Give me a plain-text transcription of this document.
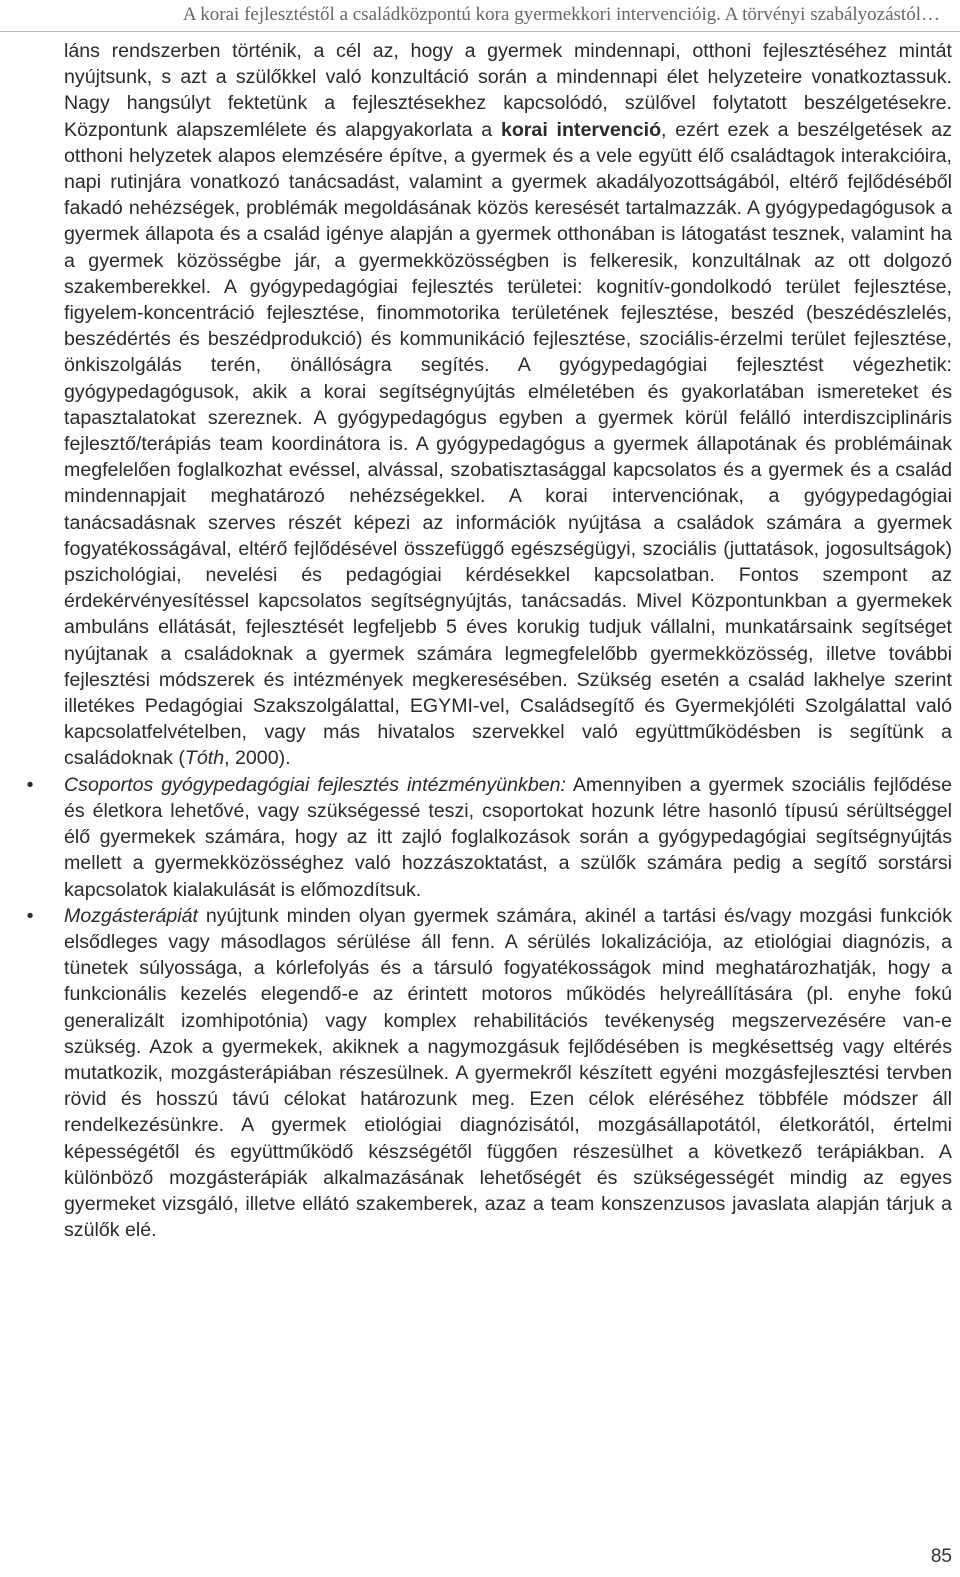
A korai fejlesztéstől a családközpontú kora gyermekkori intervencióig. A törvényi szabályozástól…

láns rendszerben történik, a cél az, hogy a gyermek mindennapi, otthoni fejlesztéséhez mintát nyújtsunk, s azt a szülőkkel való konzultáció során a mindennapi élet helyzeteire vonatkoztassuk. Nagy hangsúlyt fektetünk a fejlesztésekhez kapcsolódó, szülővel folytatott beszélgetésekre. Központunk alapszemlélete és alapgyakorlata a korai intervenció, ezért ezek a beszélgetések az otthoni helyzetek alapos elemzésére építve, a gyermek és a vele együtt élő családtagok interakcióira, napi rutinjára vonatkozó tanácsadást, valamint a gyermek akadályozottságából, eltérő fejlődéséből fakadó nehézségek, problémák megoldásának közös keresését tartalmazzák. A gyógypedagógusok a gyermek állapota és a család igénye alapján a gyermek otthonában is látogatást tesznek, valamint ha a gyermek közösségbe jár, a gyermekközösségben is felkeresik, konzultálnak az ott dolgozó szakemberekkel. A gyógypedagógiai fejlesztés területei: kognitív-gondolkodó terület fejlesztése, figyelem-koncentráció fejlesztése, finommotorika területének fejlesztése, beszéd (beszédészlelés, beszédértés és beszédprodukció) és kommunikáció fejlesztése, szociális-érzelmi terület fejlesztése, önkiszolgálás terén, önállóságra segítés. A gyógypedagógiai fejlesztést végezhetik: gyógypedagógusok, akik a korai segítségnyújtás elméletében és gyakorlatában ismereteket és tapasztalatokat szereznek. A gyógypedagógus egyben a gyermek körül felálló interdiszciplináris fejlesztő/terápiás team koordinátora is. A gyógypedagógus a gyermek állapotának és problémáinak megfelelően foglalkozhat evéssel, alvással, szobatisztasággal kapcsolatos és a gyermek és a család mindennapjait meghatározó nehézségekkel. A korai intervenciónak, a gyógypedagógiai tanácsadásnak szerves részét képezi az információk nyújtása a családok számára a gyermek fogyatékosságával, eltérő fejlődésével összefüggő egészségügyi, szociális (juttatások, jogosultságok) pszichológiai, nevelési és pedagógiai kérdésekkel kapcsolatban. Fontos szempont az érdekérvényesítéssel kapcsolatos segítségnyújtás, tanácsadás. Mivel Központunkban a gyermekek ambuláns ellátását, fejlesztését legfeljebb 5 éves korukig tudjuk vállalni, munkatársaink segítséget nyújtanak a családoknak a gyermek számára legmegfelelőbb gyermekközösség, illetve további fejlesztési módszerek és intézmények megkeresésében. Szükség esetén a család lakhelye szerint illetékes Pedagógiai Szakszolgálattal, EGYMI-vel, Családsegítő és Gyermekjóléti Szolgálattal való kapcsolatfelvételben, vagy más hivatalos szervekkel való együttműködésben is segítünk a családoknak (Tóth, 2000).

•	Csoportos gyógypedagógiai fejlesztés intézményünkben: Amennyiben a gyermek szociális fejlődése és életkora lehetővé, vagy szükségessé teszi, csoportokat hozunk létre hasonló típusú sérültséggel élő gyermekek számára, hogy az itt zajló foglalkozások során a gyógypedagógiai segítségnyújtás mellett a gyermekközösséghez való hozzászoktatást, a szülők számára pedig a segítő sorstársi kapcsolatok kialakulását is előmozdítsuk.

•	Mozgásterápiát nyújtunk minden olyan gyermek számára, akinél a tartási és/vagy mozgási funkciók elsődleges vagy másodlagos sérülése áll fenn. A sérülés lokalizációja, az etiológiai diagnózis, a tünetek súlyossága, a kórlefolyás és a társuló fogyatékosságok mind meghatározhatják, hogy a funkcionális kezelés elegendő-e az érintett motoros működés helyreállítására (pl. enyhe fokú generalizált izomhipotónia) vagy komplex rehabilitációs tevékenység megszervezésére van-e szükség. Azok a gyermekek, akiknek a nagymozgásuk fejlődésében is megkésettség vagy eltérés mutatkozik, mozgásterápiában részesülnek. A gyermekről készített egyéni mozgásfejlesztési tervben rövid és hosszú távú célokat határozunk meg. Ezen célok eléréséhez többféle módszer áll rendelkezésünkre. A gyermek etiológiai diagnózisától, mozgásállapotától, életkorától, értelmi képességétől és együttműködő készségétől függően részesülhet a következő terápiákban. A különböző mozgásterápiák alkalmazásának lehetőségét és szükségességét mindig az egyes gyermeket vizsgáló, illetve ellátó szakemberek, azaz a team konszenzusos javaslata alapján tárjuk a szülők elé.

85
